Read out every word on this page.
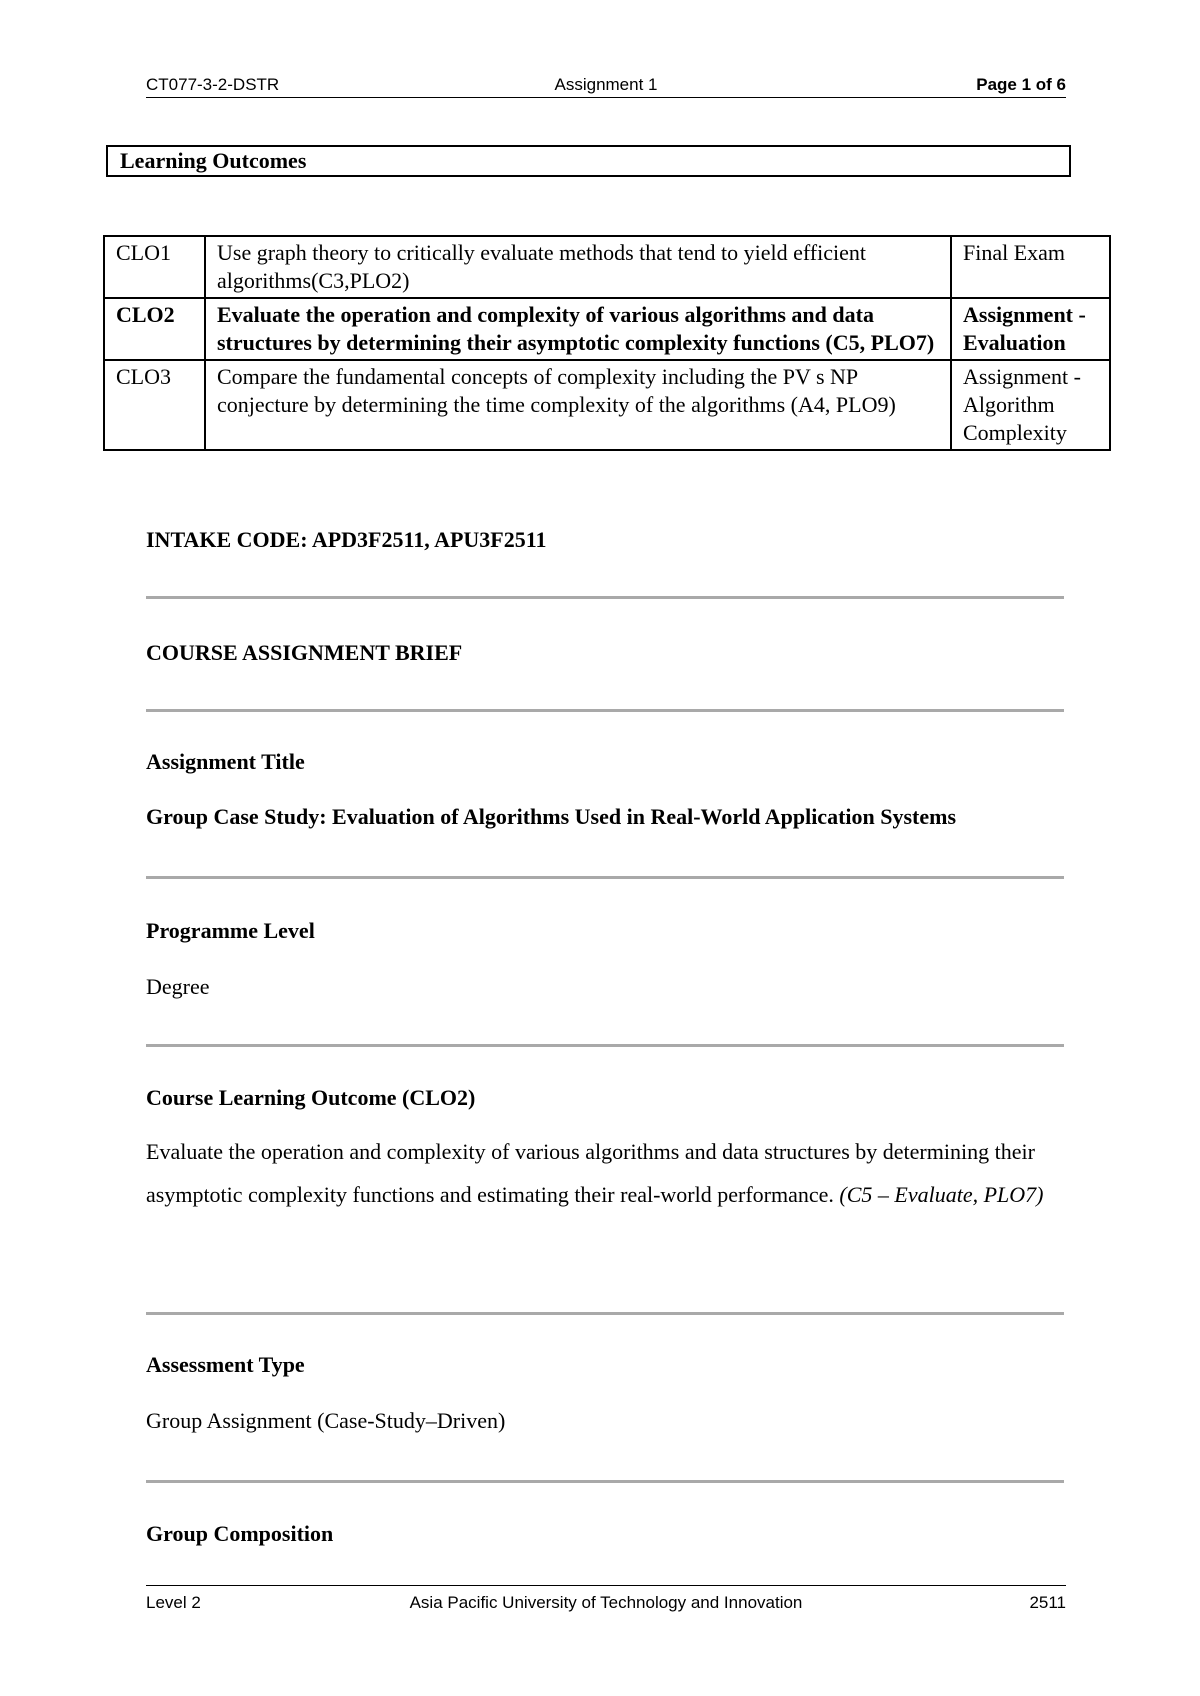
CT077-3-2-DSTR	Assignment 1	Page 1 of 6
Learning Outcomes
CLO1	Use graph theory to critically evaluate methods that tend to yield efficient algorithms(C3,PLO2)	Final Exam
CLO2	Evaluate the operation and complexity of various algorithms and data structures by determining their asymptotic complexity functions (C5, PLO7)	Assignment - Evaluation
CLO3	Compare the fundamental concepts of complexity including the PV s NP conjecture by determining the time complexity of the algorithms (A4, PLO9)	Assignment - Algorithm Complexity
INTAKE CODE: APD3F2511, APU3F2511
COURSE ASSIGNMENT BRIEF
Assignment Title
Group Case Study: Evaluation of Algorithms Used in Real-World Application Systems
Programme Level
Degree
Course Learning Outcome (CLO2)
Evaluate the operation and complexity of various algorithms and data structures by determining their asymptotic complexity functions and estimating their real-world performance. (C5 – Evaluate, PLO7)
Assessment Type
Group Assignment (Case-Study–Driven)
Group Composition
Level 2	Asia Pacific University of Technology and Innovation	2511
